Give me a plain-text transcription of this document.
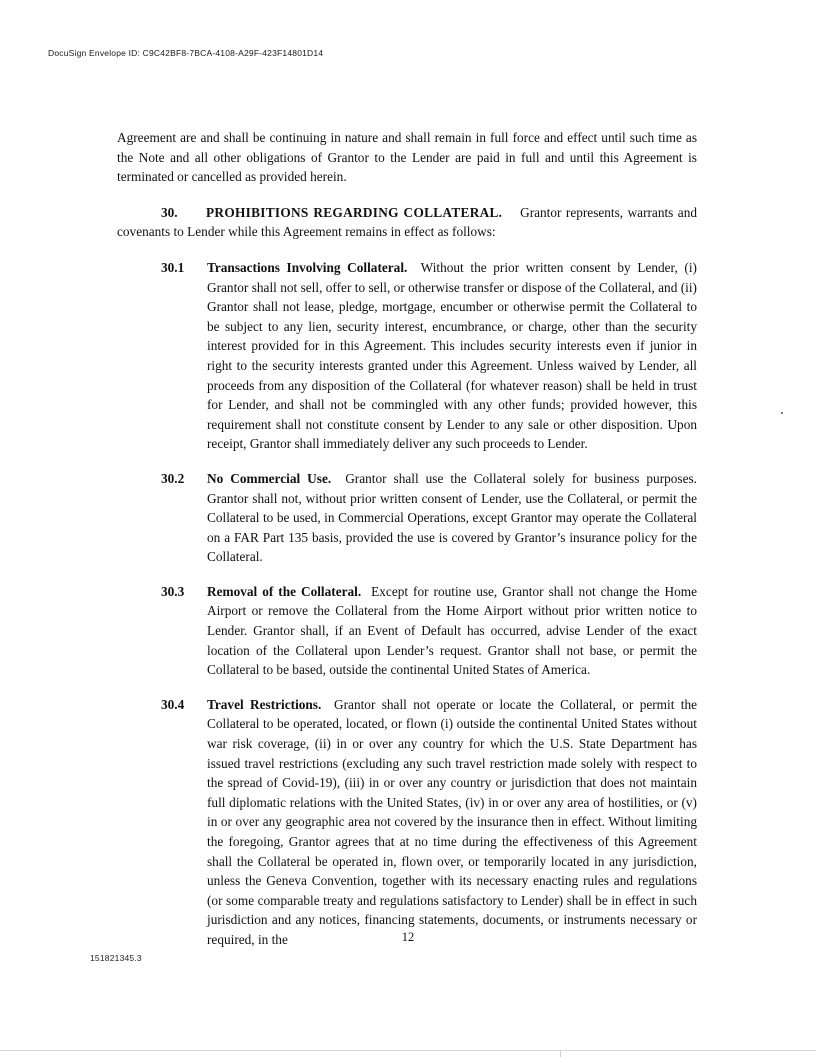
DocuSign Envelope ID: C9C42BF8-7BCA-4108-A29F-423F14801D14

Agreement are and shall be continuing in nature and shall remain in full force and effect until such time as the Note and all other obligations of Grantor to the Lender are paid in full and until this Agreement is terminated or cancelled as provided herein.

30. PROHIBITIONS REGARDING COLLATERAL. Grantor represents, warrants and covenants to Lender while this Agreement remains in effect as follows:
30.1 Transactions Involving Collateral. Without the prior written consent by Lender, (i) Grantor shall not sell, offer to sell, or otherwise transfer or dispose of the Collateral, and (ii) Grantor shall not lease, pledge, mortgage, encumber or otherwise permit the Collateral to be subject to any lien, security interest, encumbrance, or charge, other than the security interest provided for in this Agreement. This includes security interests even if junior in right to the security interests granted under this Agreement. Unless waived by Lender, all proceeds from any disposition of the Collateral (for whatever reason) shall be held in trust for Lender, and shall not be commingled with any other funds; provided however, this requirement shall not constitute consent by Lender to any sale or other disposition. Upon receipt, Grantor shall immediately deliver any such proceeds to Lender.
30.2 No Commercial Use. Grantor shall use the Collateral solely for business purposes. Grantor shall not, without prior written consent of Lender, use the Collateral, or permit the Collateral to be used, in Commercial Operations, except Grantor may operate the Collateral on a FAR Part 135 basis, provided the use is covered by Grantor’s insurance policy for the Collateral.
30.3 Removal of the Collateral. Except for routine use, Grantor shall not change the Home Airport or remove the Collateral from the Home Airport without prior written notice to Lender. Grantor shall, if an Event of Default has occurred, advise Lender of the exact location of the Collateral upon Lender’s request. Grantor shall not base, or permit the Collateral to be based, outside the continental United States of America.
30.4 Travel Restrictions. Grantor shall not operate or locate the Collateral, or permit the Collateral to be operated, located, or flown (i) outside the continental United States without war risk coverage, (ii) in or over any country for which the U.S. State Department has issued travel restrictions (excluding any such travel restriction made solely with respect to the spread of Covid-19), (iii) in or over any country or jurisdiction that does not maintain full diplomatic relations with the United States, (iv) in or over any area of hostilities, or (v) in or over any geographic area not covered by the insurance then in effect. Without limiting the foregoing, Grantor agrees that at no time during the effectiveness of this Agreement shall the Collateral be operated in, flown over, or temporarily located in any jurisdiction, unless the Geneva Convention, together with its necessary enacting rules and regulations (or some comparable treaty and regulations satisfactory to Lender) shall be in effect in such jurisdiction and any notices, financing statements, documents, or instruments necessary or required, in the	12
151821345.3
